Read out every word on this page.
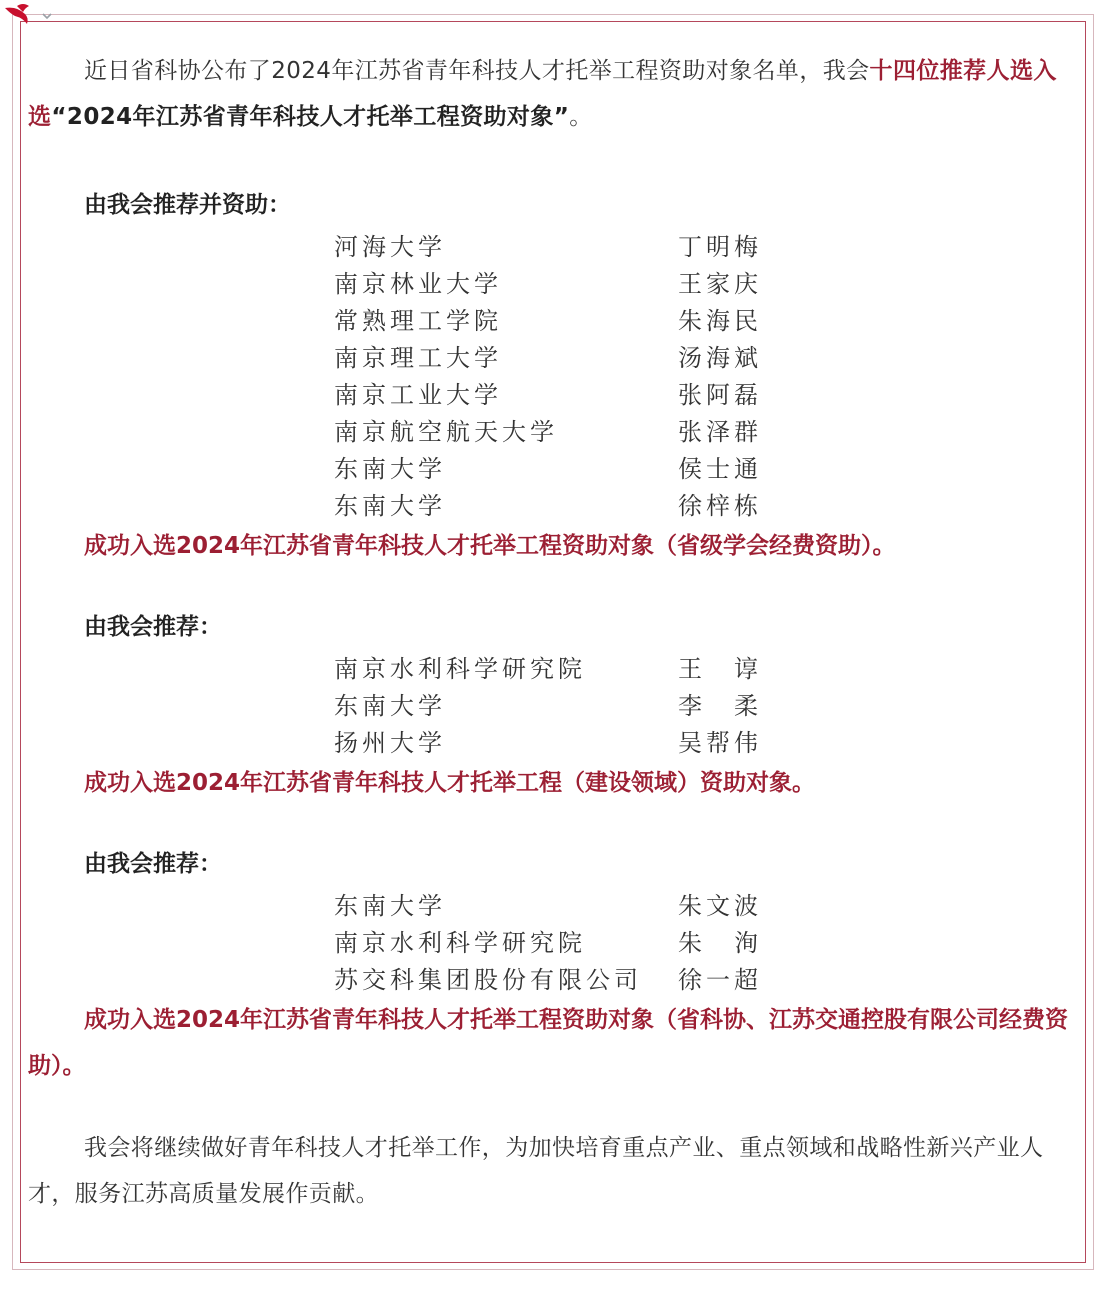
近日省科协公布了2024年江苏省青年科技人才托举工程资助对象名单，我会十四位推荐人选入选“2024年江苏省青年科技人才托举工程资助对象”。

由我会推荐并资助：

河海大学	丁明梅
南京林业大学	王家庆
常熟理工学院	朱海民
南京理工大学	汤海斌
南京工业大学	张阿磊
南京航空航天大学	张泽群
东南大学	侯士通
东南大学	徐梓栋

成功入选2024年江苏省青年科技人才托举工程资助对象（省级学会经费资助）。

由我会推荐：

南京水利科学研究院	王　谆
东南大学	李　柔
扬州大学	吴帮伟

成功入选2024年江苏省青年科技人才托举工程（建设领域）资助对象。

由我会推荐：

东南大学	朱文波
南京水利科学研究院	朱　洵
苏交科集团股份有限公司 徐一超

成功入选2024年江苏省青年科技人才托举工程资助对象（省科协、江苏交通控股有限公司经费资助）。

我会将继续做好青年科技人才托举工作，为加快培育重点产业、重点领域和战略性新兴产业人才，服务江苏高质量发展作贡献。
